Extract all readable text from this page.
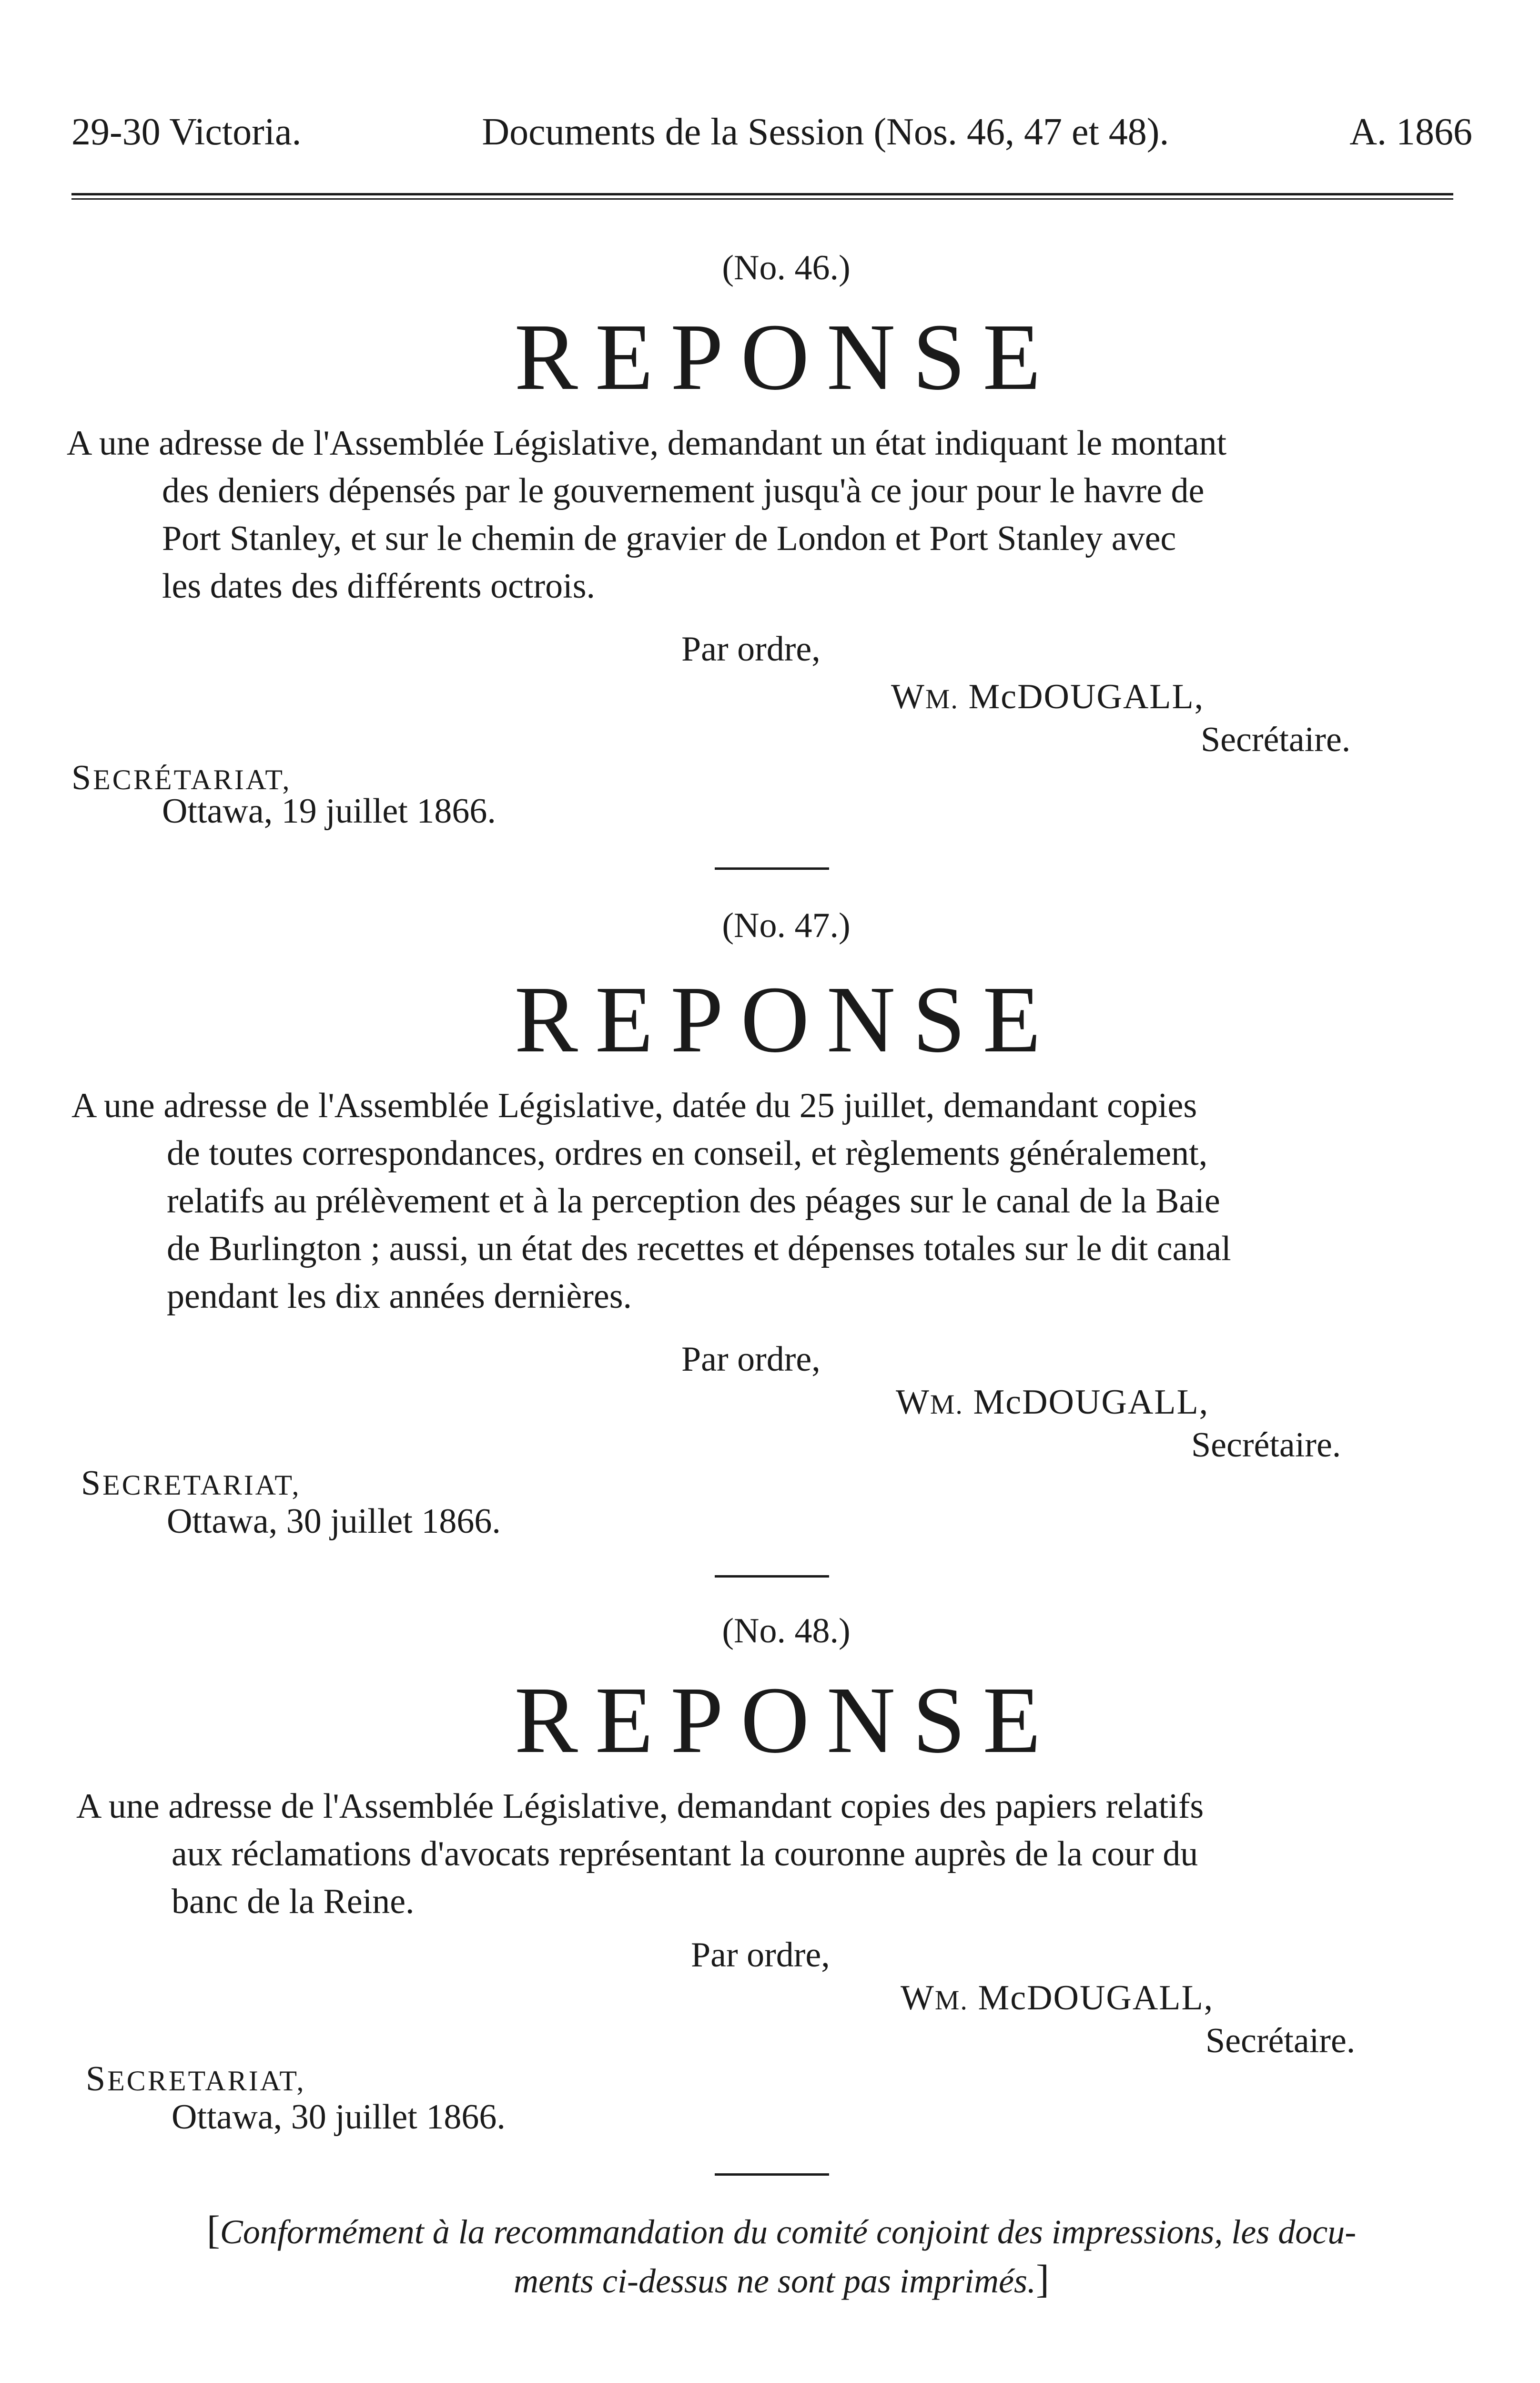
29-30 Victoria.	Documents de la Session (Nos. 46, 47 et 48).	A. 1866
(No. 46.)
REPONSE
A une adresse de l'Assemblée Législative, demandant un état indiquant le montant
des deniers dépensés par le gouvernement jusqu'à ce jour pour le havre de
Port Stanley, et sur le chemin de gravier de London et Port Stanley avec
les dates des différents octrois.
Par ordre,
WM. McDOUGALL,
Secrétaire.
SECRÉTARIAT,
Ottawa, 19 juillet 1866.
(No. 47.)
REPONSE
A une adresse de l'Assemblée Législative, datée du 25 juillet, demandant copies
de toutes correspondances, ordres en conseil, et règlements généralement,
relatifs au prélèvement et à la perception des péages sur le canal de la Baie
de Burlington ; aussi, un état des recettes et dépenses totales sur le dit canal
pendant les dix années dernières.
Par ordre,
WM. McDOUGALL,
Secrétaire.
SECRETARIAT,
Ottawa, 30 juillet 1866.
(No. 48.)
REPONSE
A une adresse de l'Assemblée Législative, demandant copies des papiers relatifs
aux réclamations d'avocats représentant la couronne auprès de la cour du
banc de la Reine.
Par ordre,
WM. McDOUGALL,
Secrétaire.
SECRETARIAT,
Ottawa, 30 juillet 1866.
[Conformément à la recommandation du comité conjoint des impressions, les docu-
ments ci-dessus ne sont pas imprimés.]
